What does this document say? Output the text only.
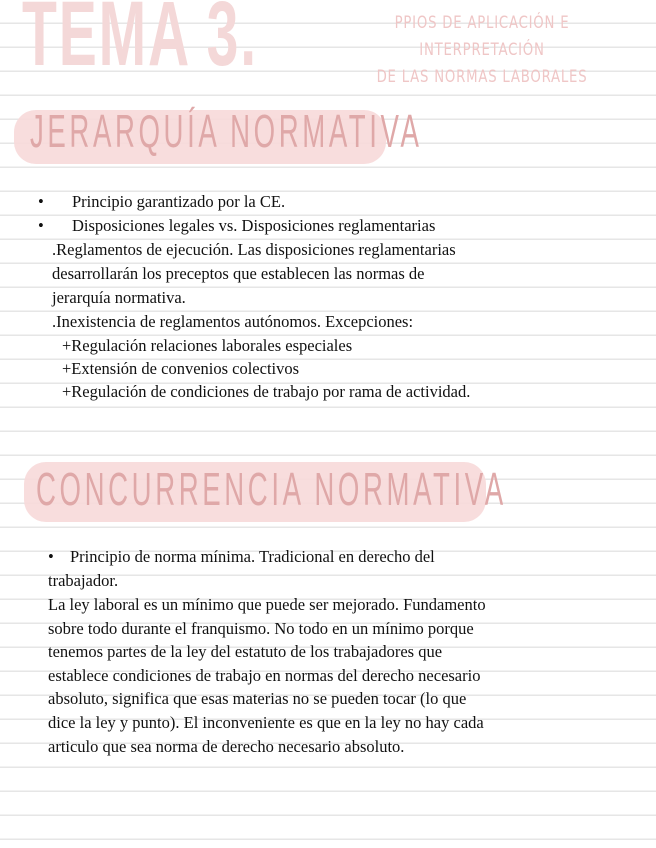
TEMA 3.	PPIOS DE APLICACIÓN E INTERPRETACIÓN
DE LAS NORMAS LABORALES
JERARQUÍA NORMATIVA
• Principio garantizado por la CE.
• Disposiciones legales vs. Disposiciones reglamentarias
.Reglamentos de ejecución. Las disposiciones reglamentarias
desarrollarán los preceptos que establecen las normas de
jerarquía normativa.
.Inexistencia de reglamentos autónomos. Excepciones:
+Regulación relaciones laborales especiales
+Extensión de convenios colectivos
+Regulación de condiciones de trabajo por rama de actividad.
CONCURRENCIA NORMATIVA
• Principio de norma mínima. Tradicional en derecho del
trabajador.
La ley laboral es un mínimo que puede ser mejorado. Fundamento
sobre todo durante el franquismo. No todo en un mínimo porque
tenemos partes de la ley del estatuto de los trabajadores que
establece condiciones de trabajo en normas del derecho necesario
absoluto, significa que esas materias no se pueden tocar (lo que
dice la ley y punto). El inconveniente es que en la ley no hay cada
articulo que sea norma de derecho necesario absoluto.
